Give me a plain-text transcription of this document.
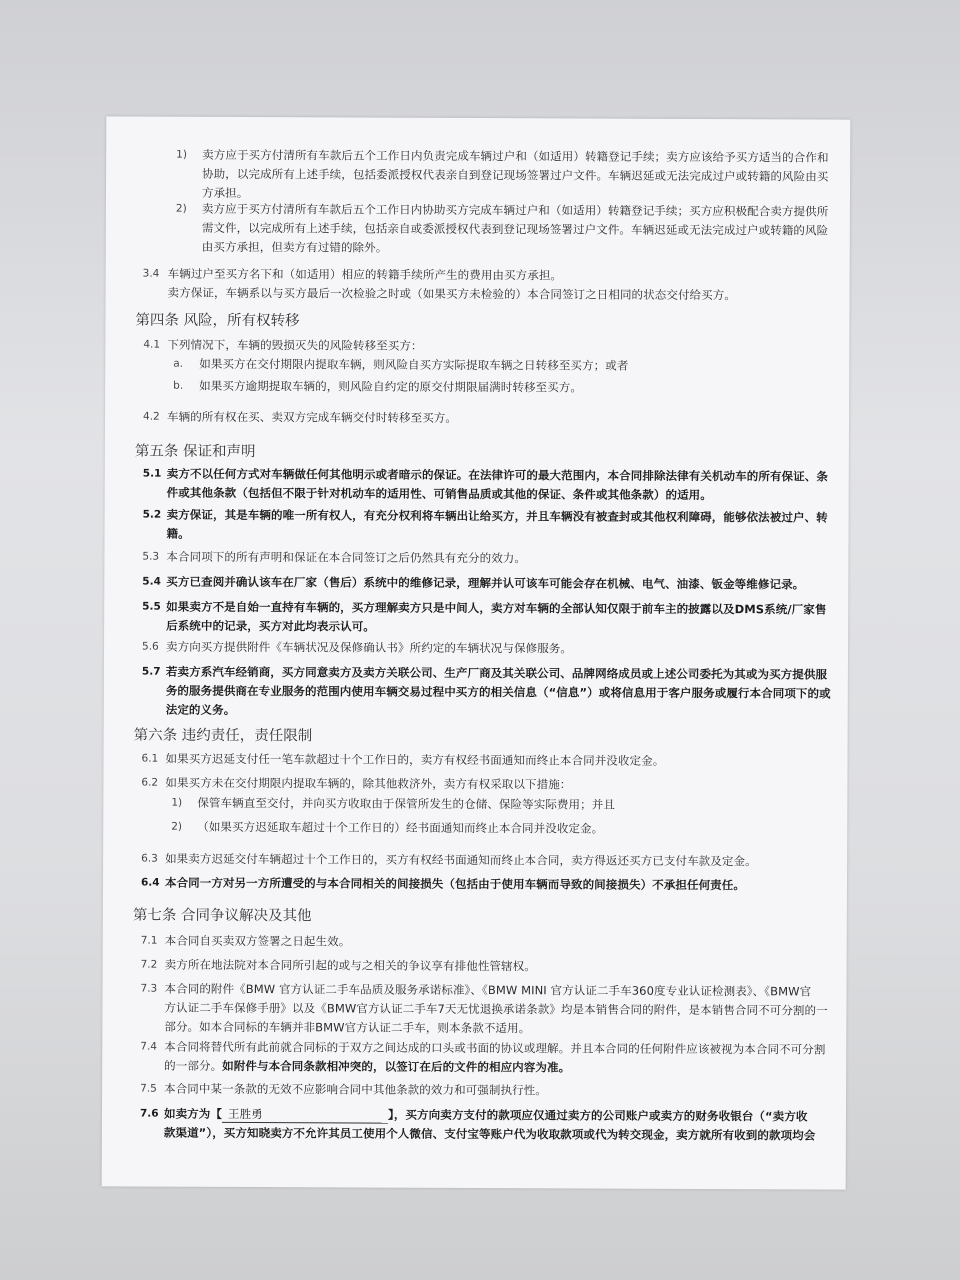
1) 卖方应于买方付清所有车款后五个工作日内负责完成车辆过户和（如适用）转籍登记手续；卖方应该给予买方适当的合作和
协助，以完成所有上述手续，包括委派授权代表亲自到登记现场签署过户文件。车辆迟延或无法完成过户或转籍的风险由买
方承担。
2) 卖方应于买方付清所有车款后五个工作日内协助买方完成车辆过户和（如适用）转籍登记手续；买方应积极配合卖方提供所
需文件，以完成所有上述手续，包括亲自或委派授权代表到登记现场签署过户文件。车辆迟延或无法完成过户或转籍的风险
由买方承担，但卖方有过错的除外。
3.4 车辆过户至买方名下和（如适用）相应的转籍手续所产生的费用由买方承担。
卖方保证，车辆系以与买方最后一次检验之时或（如果买方未检验的）本合同签订之日相同的状态交付给买方。
第四条 风险，所有权转移
4.1 下列情况下，车辆的毁损灭失的风险转移至买方：
a. 如果买方在交付期限内提取车辆，则风险自买方实际提取车辆之日转移至买方；或者
b. 如果买方逾期提取车辆的，则风险自约定的原交付期限届满时转移至买方。
4.2 车辆的所有权在买、卖双方完成车辆交付时转移至买方。
第五条 保证和声明
5.1 卖方不以任何方式对车辆做任何其他明示或者暗示的保证。在法律许可的最大范围内，本合同排除法律有关机动车的所有保证、条
件或其他条款（包括但不限于针对机动车的适用性、可销售品质或其他的保证、条件或其他条款）的适用。
5.2 卖方保证，其是车辆的唯一所有权人，有充分权利将车辆出让给买方，并且车辆没有被查封或其他权利障碍，能够依法被过户、转
籍。
5.3 本合同项下的所有声明和保证在本合同签订之后仍然具有充分的效力。
5.4 买方已查阅并确认该车在厂家（售后）系统中的维修记录，理解并认可该车可能会存在机械、电气、油漆、钣金等维修记录。
5.5 如果卖方不是自始一直持有车辆的，买方理解卖方只是中间人，卖方对车辆的全部认知仅限于前车主的披露以及DMS系统/厂家售
后系统中的记录，买方对此均表示认可。
5.6 卖方向买方提供附件《车辆状况及保修确认书》所约定的车辆状况与保修服务。
5.7 若卖方系汽车经销商，买方同意卖方及卖方关联公司、生产厂商及其关联公司、品牌网络成员或上述公司委托为其或为买方提供服
务的服务提供商在专业服务的范围内使用车辆交易过程中买方的相关信息（“信息”）或将信息用于客户服务或履行本合同项下的或
法定的义务。
第六条 违约责任，责任限制
6.1 如果买方迟延支付任一笔车款超过十个工作日的，卖方有权经书面通知而终止本合同并没收定金。
6.2 如果买方未在交付期限内提取车辆的，除其他救济外，卖方有权采取以下措施：
1) 保管车辆直至交付，并向买方收取由于保管所发生的仓储、保险等实际费用；并且
2) （如果买方迟延取车超过十个工作日的）经书面通知而终止本合同并没收定金。
6.3 如果卖方迟延交付车辆超过十个工作日的，买方有权经书面通知而终止本合同，卖方得返还买方已支付车款及定金。
6.4 本合同一方对另一方所遭受的与本合同相关的间接损失（包括由于使用车辆而导致的间接损失）不承担任何责任。
第七条 合同争议解决及其他
7.1 本合同自买卖双方签署之日起生效。
7.2 卖方所在地法院对本合同所引起的或与之相关的争议享有排他性管辖权。
7.3 本合同的附件《BMW 官方认证二手车品质及服务承诺标准》、《BMW MINI 官方认证二手车360度专业认证检测表》、《BMW官
方认证二手车保修手册》以及《BMW官方认证二手车7天无忧退换承诺条款》均是本销售合同的附件，是本销售合同不可分割的一
部分。如本合同标的车辆并非BMW官方认证二手车，则本条款不适用。
7.4 本合同将替代所有此前就合同标的于双方之间达成的口头或书面的协议或理解。并且本合同的任何附件应该被视为本合同不可分割
的一部分。如附件与本合同条款相冲突的，以签订在后的文件的相应内容为准。
7.5 本合同中某一条款的无效不应影响合同中其他条款的效力和可强制执行性。
7.6 如卖方为【 王胜勇	】，买方向卖方支付的款项应仅通过卖方的公司账户或卖方的财务收银台（“卖方收
款渠道”），买方知晓卖方不允许其员工使用个人微信、支付宝等账户代为收取款项或代为转交现金，卖方就所有收到的款项均会
